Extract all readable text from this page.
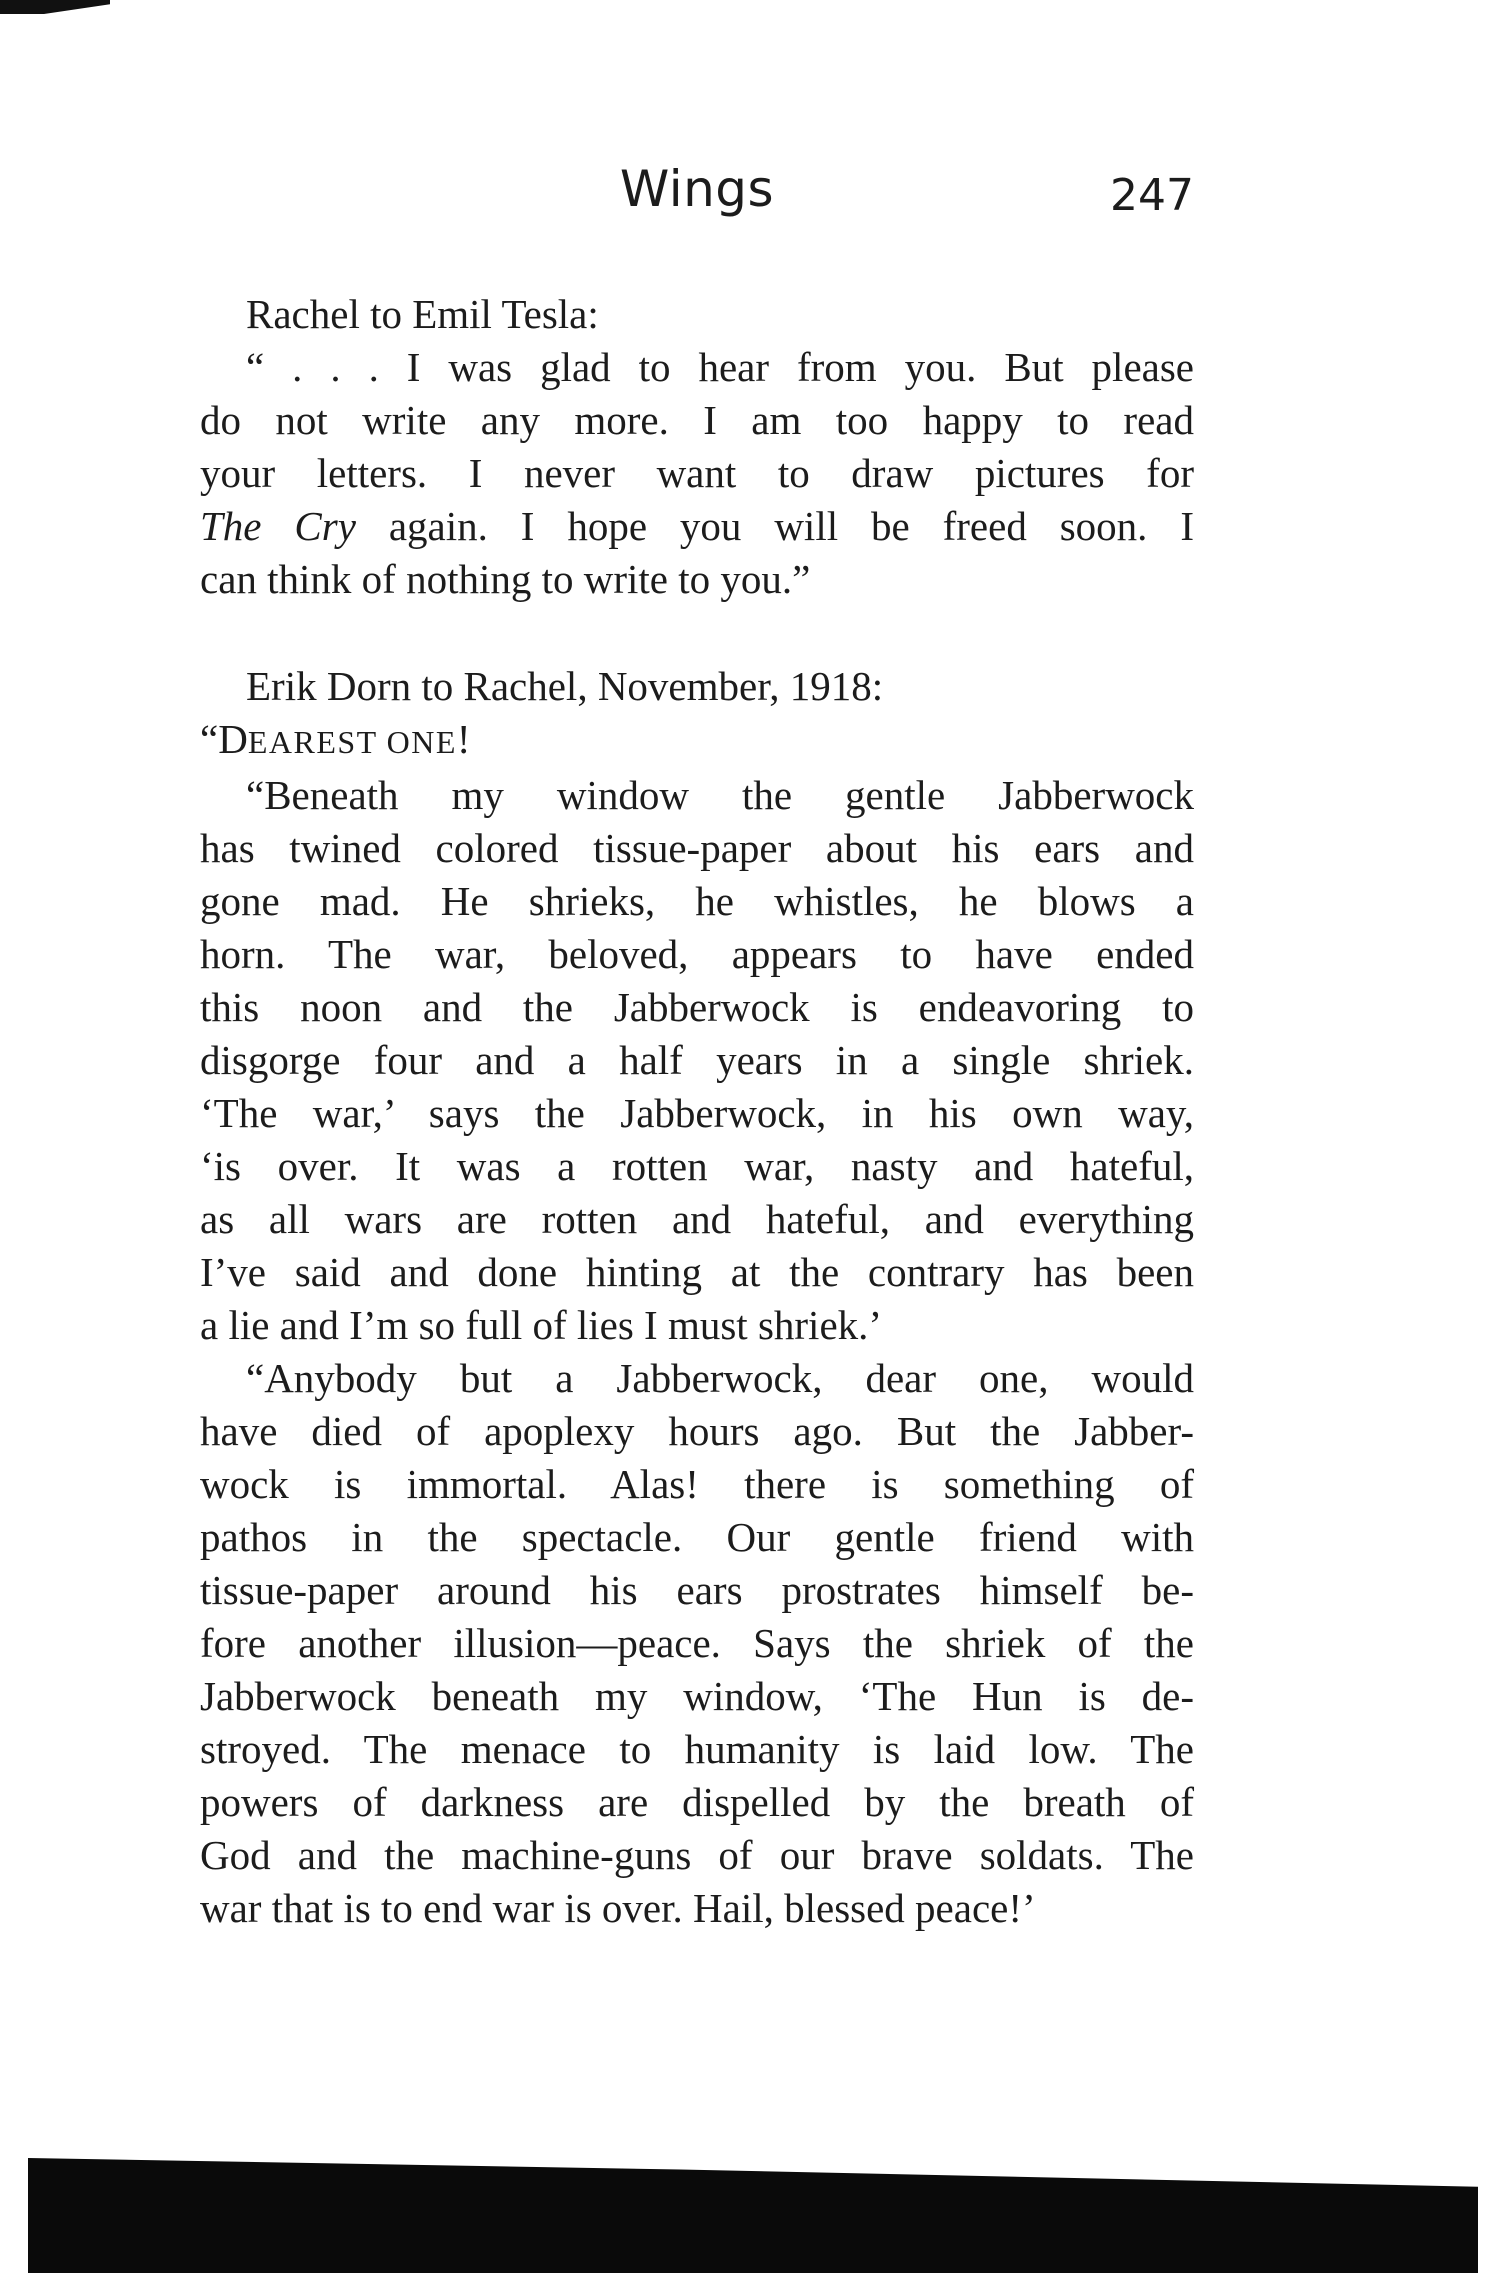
Wings	247
Rachel to Emil Tesla:
“ . . . I was glad to hear from you. But please
do not write any more. I am too happy to read
your letters. I never want to draw pictures for
The Cry again. I hope you will be freed soon. I
can think of nothing to write to you.”
Erik Dorn to Rachel, November, 1918:
“DEAREST ONE!
“Beneath my window the gentle Jabberwock
has twined colored tissue-paper about his ears and
gone mad. He shrieks, he whistles, he blows a
horn. The war, beloved, appears to have ended
this noon and the Jabberwock is endeavoring to
disgorge four and a half years in a single shriek.
‘The war,’ says the Jabberwock, in his own way,
‘is over. It was a rotten war, nasty and hateful,
as all wars are rotten and hateful, and everything
I’ve said and done hinting at the contrary has been
a lie and I’m so full of lies I must shriek.’
“Anybody but a Jabberwock, dear one, would
have died of apoplexy hours ago. But the Jabber-
wock is immortal. Alas! there is something of
pathos in the spectacle. Our gentle friend with
tissue-paper around his ears prostrates himself be-
fore another illusion—peace. Says the shriek of the
Jabberwock beneath my window, ‘The Hun is de-
stroyed. The menace to humanity is laid low. The
powers of darkness are dispelled by the breath of
God and the machine-guns of our brave soldats. The
war that is to end war is over. Hail, blessed peace!’
